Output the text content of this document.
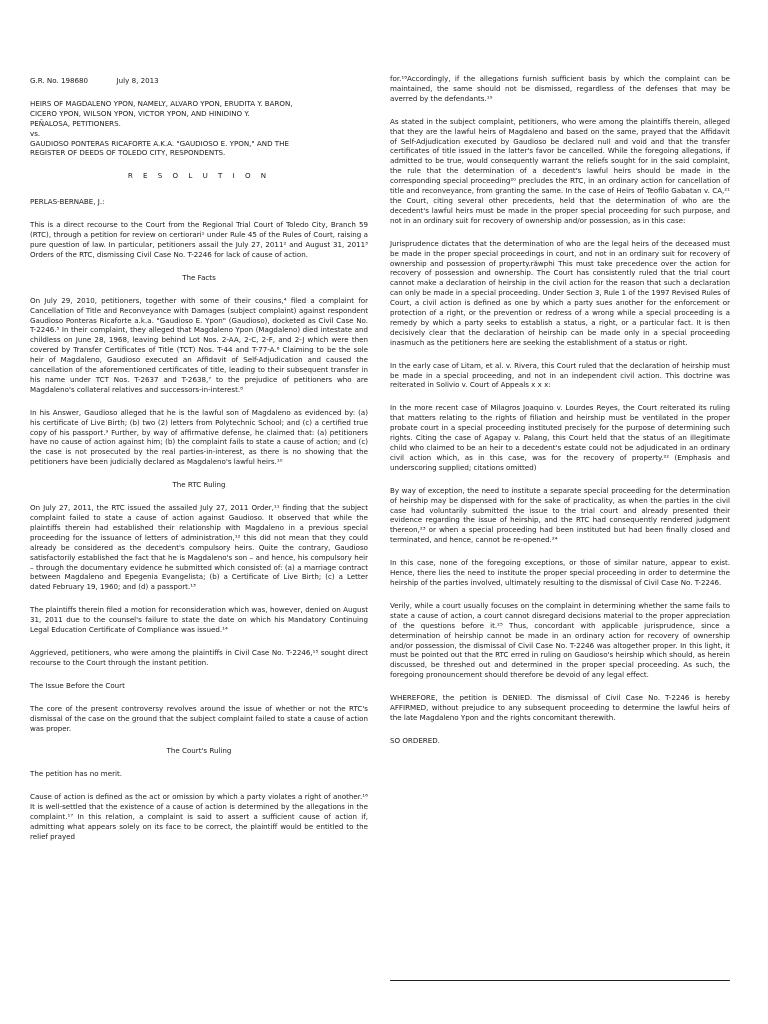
G.R. No. 198680	July 8, 2013

HEIRS OF MAGDALENO YPON, NAMELY, ALVARO YPON, ERUDITA Y. BARON,

CICERO YPON, WILSON YPON, VICTOR YPON, AND HINIDINO Y.

PEÑALOSA, PETITIONERS.

vs.

GAUDIOSO PONTERAS RICAFORTE A.K.A. "GAUDIOSO E. YPON," AND THE

REGISTER OF DEEDS OF TOLEDO CITY, RESPONDENTS.

R E S O L U T I O N

PERLAS-BERNABE, J.:

This is a direct recourse to the Court from the Regional Trial Court of Toledo City, Branch 59 (RTC), through a petition for review on certiorari¹ under Rule 45 of the Rules of Court, raising a pure question of law. In particular, petitioners assail the July 27, 2011² and August 31, 2011³ Orders of the RTC, dismissing Civil Case No. T-2246 for lack of cause of action.

The Facts

On July 29, 2010, petitioners, together with some of their cousins,⁴ filed a complaint for Cancellation of Title and Reconveyance with Damages (subject complaint) against respondent Gaudioso Ponteras Ricaforte a.k.a. "Gaudioso E. Ypon" (Gaudioso), docketed as Civil Case No. T-2246.⁵ In their complaint, they alleged that Magdaleno Ypon (Magdaleno) died intestate and childless on June 28, 1968, leaving behind Lot Nos. 2-AA, 2-C, 2-F, and 2-J which were then covered by Transfer Certificates of Title (TCT) Nos. T-44 and T-77-A.⁶ Claiming to be the sole heir of Magdaleno, Gaudioso executed an Affidavit of Self-Adjudication and caused the cancellation of the aforementioned certificates of title, leading to their subsequent transfer in his name under TCT Nos. T-2637 and T-2638,⁷ to the prejudice of petitioners who are Magdaleno's collateral relatives and successors-in-interest.⁸

In his Answer, Gaudioso alleged that he is the lawful son of Magdaleno as evidenced by: (a) his certificate of Live Birth; (b) two (2) letters from Polytechnic School; and (c) a certified true copy of his passport.⁹ Further, by way of affirmative defense, he claimed that: (a) petitioners have no cause of action against him; (b) the complaint fails to state a cause of action; and (c) the case is not prosecuted by the real parties-in-interest, as there is no showing that the petitioners have been judicially declared as Magdaleno's lawful heirs.¹⁰

The RTC Ruling

On July 27, 2011, the RTC issued the assailed July 27, 2011 Order,¹¹ finding that the subject complaint failed to state a cause of action against Gaudioso. It observed that while the plaintiffs therein had established their relationship with Magdaleno in a previous special proceeding for the issuance of letters of administration,¹² this did not mean that they could already be considered as the decedent's compulsory heirs. Quite the contrary, Gaudioso satisfactorily established the fact that he is Magdaleno's son – and hence, his compulsory heir – through the documentary evidence he submitted which consisted of: (a) a marriage contract between Magdaleno and Epegenia Evangelista; (b) a Certificate of Live Birth; (c) a Letter dated February 19, 1960; and (d) a passport.¹³

The plaintiffs therein filed a motion for reconsideration which was, however, denied on August 31, 2011 due to the counsel's failure to state the date on which his Mandatory Continuing Legal Education Certificate of Compliance was issued.¹⁴

Aggrieved, petitioners, who were among the plaintiffs in Civil Case No. T-2246,¹⁵ sought direct recourse to the Court through the instant petition.

The Issue Before the Court

The core of the present controversy revolves around the issue of whether or not the RTC's dismissal of the case on the ground that the subject complaint failed to state a cause of action was proper.

The Court's Ruling

The petition has no merit.

Cause of action is defined as the act or omission by which a party violates a right of another.¹⁶ It is well-settled that the existence of a cause of action is determined by the allegations in the complaint.¹⁷ In this relation, a complaint is said to assert a sufficient cause of action if, admitting what appears solely on its face to be correct, the plaintiff would be entitled to the relief prayed

for.¹⁸Accordingly, if the allegations furnish sufficient basis by which the complaint can be maintained, the same should not be dismissed, regardless of the defenses that may be averred by the defendants.¹⁹

As stated in the subject complaint, petitioners, who were among the plaintiffs therein, alleged that they are the lawful heirs of Magdaleno and based on the same, prayed that the Affidavit of Self-Adjudication executed by Gaudioso be declared null and void and that the transfer certificates of title issued in the latter's favor be cancelled. While the foregoing allegations, if admitted to be true, would consequently warrant the reliefs sought for in the said complaint, the rule that the determination of a decedent's lawful heirs should be made in the corresponding special proceeding²⁰ precludes the RTC, in an ordinary action for cancellation of title and reconveyance, from granting the same. In the case of Heirs of Teofilo Gabatan v. CA,²¹ the Court, citing several other precedents, held that the determination of who are the decedent's lawful heirs must be made in the proper special proceeding for such purpose, and not in an ordinary suit for recovery of ownership and/or possession, as in this case:

Jurisprudence dictates that the determination of who are the legal heirs of the deceased must be made in the proper special proceedings in court, and not in an ordinary suit for recovery of ownership and possession of property.răwphi This must take precedence over the action for recovery of possession and ownership. The Court has consistently ruled that the trial court cannot make a declaration of heirship in the civil action for the reason that such a declaration can only be made in a special proceeding. Under Section 3, Rule 1 of the 1997 Revised Rules of Court, a civil action is defined as one by which a party sues another for the enforcement or protection of a right, or the prevention or redress of a wrong while a special proceeding is a remedy by which a party seeks to establish a status, a right, or a particular fact. It is then decisively clear that the declaration of heirship can be made only in a special proceeding inasmuch as the petitioners here are seeking the establishment of a status or right.

In the early case of Litam, et al. v. Rivera, this Court ruled that the declaration of heirship must be made in a special proceeding, and not in an independent civil action. This doctrine was reiterated in Solivio v. Court of Appeals x x x:

In the more recent case of Milagros Joaquino v. Lourdes Reyes, the Court reiterated its ruling that matters relating to the rights of filiation and heirship must be ventilated in the proper probate court in a special proceeding instituted precisely for the purpose of determining such rights. Citing the case of Agapay v. Palang, this Court held that the status of an illegitimate child who claimed to be an heir to a decedent's estate could not be adjudicated in an ordinary civil action which, as in this case, was for the recovery of property.²² (Emphasis and underscoring supplied; citations omitted)

By way of exception, the need to institute a separate special proceeding for the determination of heirship may be dispensed with for the sake of practicality, as when the parties in the civil case had voluntarily submitted the issue to the trial court and already presented their evidence regarding the issue of heirship, and the RTC had consequently rendered judgment thereon,²³ or when a special proceeding had been instituted but had been finally closed and terminated, and hence, cannot be re-opened.²⁴

In this case, none of the foregoing exceptions, or those of similar nature, appear to exist. Hence, there lies the need to institute the proper special proceeding in order to determine the heirship of the parties involved, ultimately resulting to the dismissal of Civil Case No. T-2246.

Verily, while a court usually focuses on the complaint in determining whether the same fails to state a cause of action, a court cannot disregard decisions material to the proper appreciation of the questions before it.²⁵ Thus, concordant with applicable jurisprudence, since a determination of heirship cannot be made in an ordinary action for recovery of ownership and/or possession, the dismissal of Civil Case No. T-2246 was altogether proper. In this light, it must be pointed out that the RTC erred in ruling on Gaudioso's heirship which should, as herein discussed, be threshed out and determined in the proper special proceeding. As such, the foregoing pronouncement should therefore be devoid of any legal effect.

WHEREFORE, the petition is DENIED. The dismissal of Civil Case No. T-2246 is hereby AFFIRMED, without prejudice to any subsequent proceeding to determine the lawful heirs of the late Magdaleno Ypon and the rights concomitant therewith.

SO ORDERED.
